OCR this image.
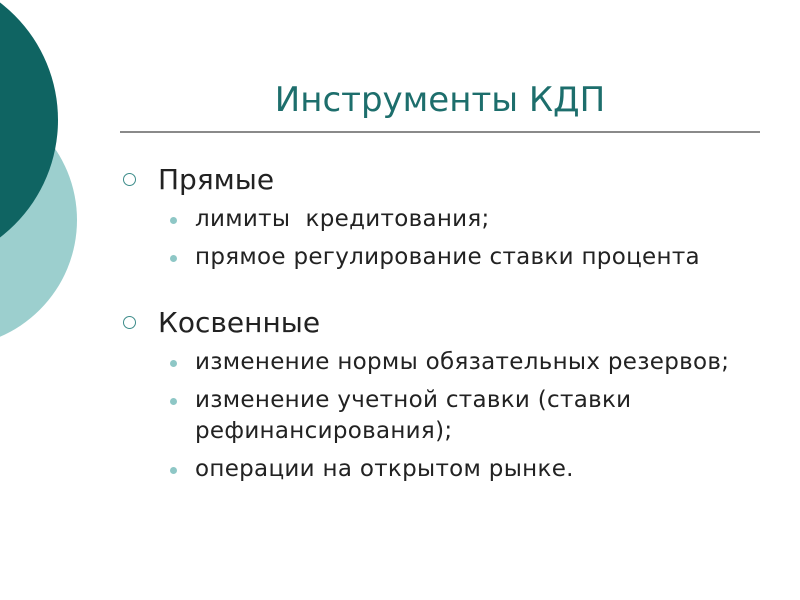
Инструменты КДП
Прямые
лимиты  кредитования;
прямое регулирование ставки процента
Косвенные
изменение нормы обязательных резервов;
изменение учетной ставки (ставки рефинансирования);
операции на открытом рынке.
